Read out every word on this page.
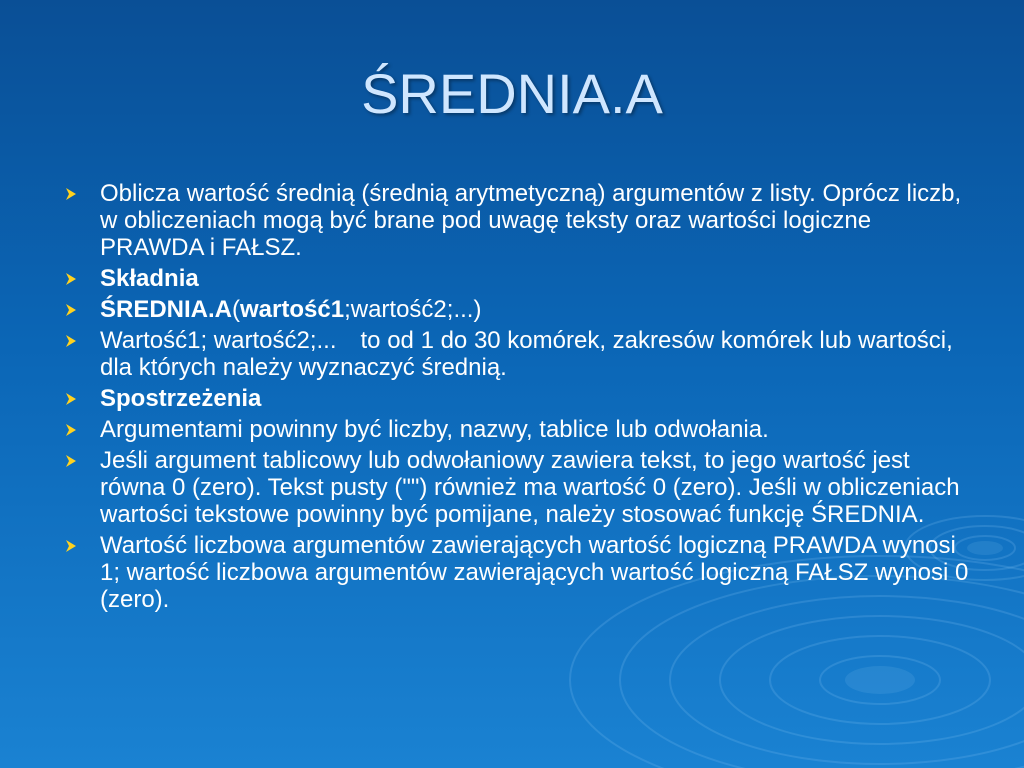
ŚREDNIA.A
Oblicza wartość średnią (średnią arytmetyczną) argumentów z listy. Oprócz liczb, w obliczeniach mogą być brane pod uwagę teksty oraz wartości logiczne PRAWDA i FAŁSZ.
Składnia
ŚREDNIA.A(wartość1;wartość2;...)
Wartość1; wartość2;... to od 1 do 30 komórek, zakresów komórek lub wartości, dla których należy wyznaczyć średnią.
Spostrzeżenia
Argumentami powinny być liczby, nazwy, tablice lub odwołania.
Jeśli argument tablicowy lub odwołaniowy zawiera tekst, to jego wartość jest równa 0 (zero). Tekst pusty ("") również ma wartość 0 (zero). Jeśli w obliczeniach wartości tekstowe powinny być pomijane, należy stosować funkcję ŚREDNIA.
Wartość liczbowa argumentów zawierających wartość logiczną PRAWDA wynosi 1; wartość liczbowa argumentów zawierających wartość logiczną FAŁSZ wynosi 0 (zero).
